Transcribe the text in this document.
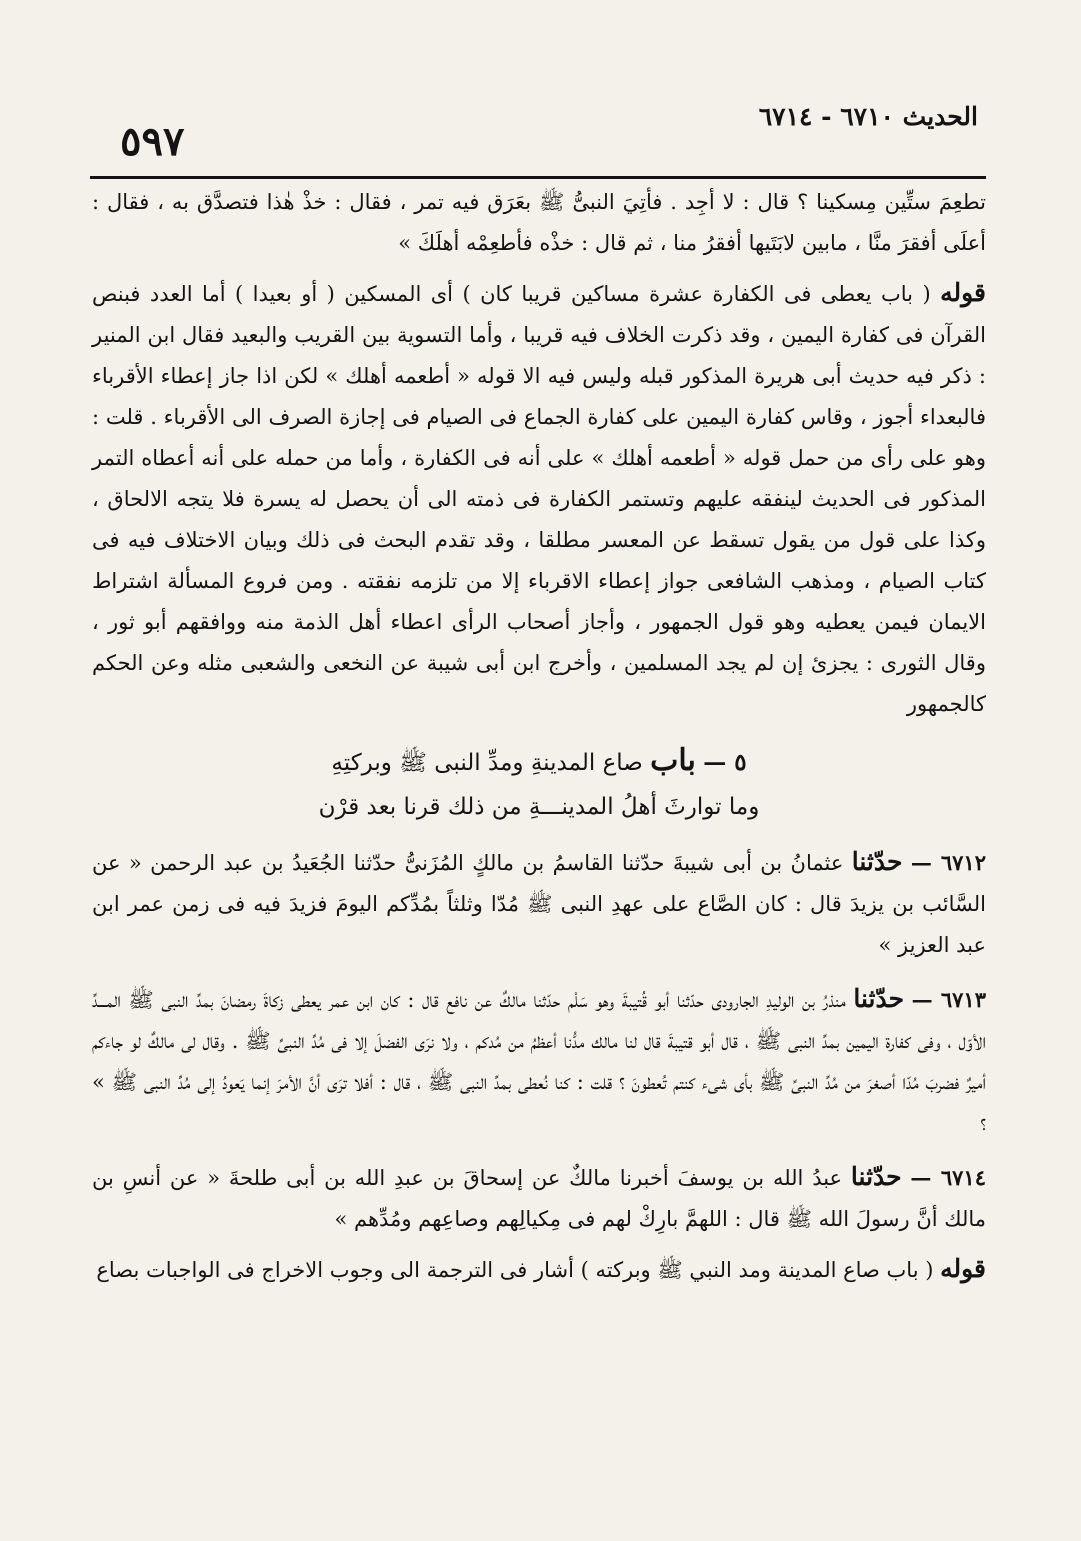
٥٩٧
الحديث ٦٧١٠ - ٦٧١٤

تطعِمَ ستِّين مِسكينا ؟ قال : لا أجِد . فأتِيَ النبىُّ ﷺ بعَرَق فيه تمر ، فقال : خذْ هٰذا فتصدَّق به ، فقال : أعلَى أفقرَ منَّا ، مابين لابَتَيها أفقرُ منا ، ثم قال : خذْه فأطعِمْه أهلَكَ »

قوله ( باب يعطى فى الكفارة عشرة مساكين قريبا كان ) أى المسكين ( أو بعيدا ) أما العدد فبنص القرآن فى كفارة اليمين ، وقد ذكرت الخلاف فيه قريبا ، وأما التسوية بين القريب والبعيد فقال ابن المنير : ذكر فيه حديث أبى هريرة المذكور قبله وليس فيه الا قوله « أطعمه أهلك » لكن اذا جاز إعطاء الأقرباء فالبعداء أجوز ، وقاس كفارة اليمين على كفارة الجماع فى الصيام فى إجازة الصرف الى الأقرباء . قلت : وهو على رأى من حمل قوله « أطعمه أهلك » على أنه فى الكفارة ، وأما من حمله على أنه أعطاه التمر المذكور فى الحديث لينفقه عليهم وتستمر الكفارة فى ذمته الى أن يحصل له يسرة فلا يتجه الالحاق ، وكذا على قول من يقول تسقط عن المعسر مطلقا ، وقد تقدم البحث فى ذلك وبيان الاختلاف فيه فى كتاب الصيام ، ومذهب الشافعى جواز إعطاء الاقرباء إلا من تلزمه نفقته . ومن فروع المسألة اشتراط الايمان فيمن يعطيه وهو قول الجمهور ، وأجاز أصحاب الرأى اعطاء أهل الذمة منه ووافقهم أبو ثور ، وقال الثورى : يجزئ إن لم يجد المسلمين ، وأخرج ابن أبى شيبة عن النخعى والشعبى مثله وعن الحكم كالجمهور

٥ — باب صاع المدينةِ ومدِّ النبى ﷺ وبركتِهِ
وما توارثَ أهلُ المدينـــةِ من ذلك قرنا بعد قرْن

٦٧١٢ — حدّثنا عثمانُ بن أبى شيبةَ حدّثنا القاسمُ بن مالكٍ المُزَنىُّ حدّثنا الجُعَيدُ بن عبد الرحمن « عن السَّائب بن يزيدَ قال : كان الصَّاع على عهدِ النبى ﷺ مُدّا وثلثاً بمُدِّكم اليومَ فزيدَ فيه فى زمن عمر ابن عبد العزيز »

٦٧١٣ — حدّثنا منذرُ بن الوليدِ الجارودى حدّثنا أبو قُتيبةَ وهو سَلْم حدّثنا مالكٌ عن نافع قال : كان ابن عمر يعطى زكاةَ رمضانَ بمدِّ النبى ﷺ المـــدِّ الأوّل ، وفى كفارة اليمين بمدِّ النبى ﷺ ، قال أبو قتيبةَ قال لنا مالك مدُّنا أعظمُ من مُدكم ، ولا نرَى الفضلَ إلا فى مُدِّ النبىِّ ﷺ . وقال لى مالكٌ لو جاءكم أميرٌ فضربَ مُدّا أصغرَ من مُدِّ النبىِّ ﷺ بأى شىء كنتم تُعطونَ ؟ قلت : كنا نُعطى بمدِّ النبى ﷺ ، قال : أفلا ترَى أنَّ الأمرَ إنما يَعودُ إلى مُدِّ النبى ﷺ » ؟

٦٧١٤ — حدّثنا عبدُ الله بن يوسفَ أخبرنا مالكٌ عن إسحاقَ بن عبدِ الله بن أبى طلحةَ « عن أنسِ بن مالك أنَّ رسولَ الله ﷺ قال : اللهمَّ بارِكْ لهم فى مِكيالِهم وصاعِهم ومُدِّهم »

قوله ( باب صاع المدينة ومد النبي ﷺ وبركته ) أشار فى الترجمة الى وجوب الاخراج فى الواجبات بصاع
